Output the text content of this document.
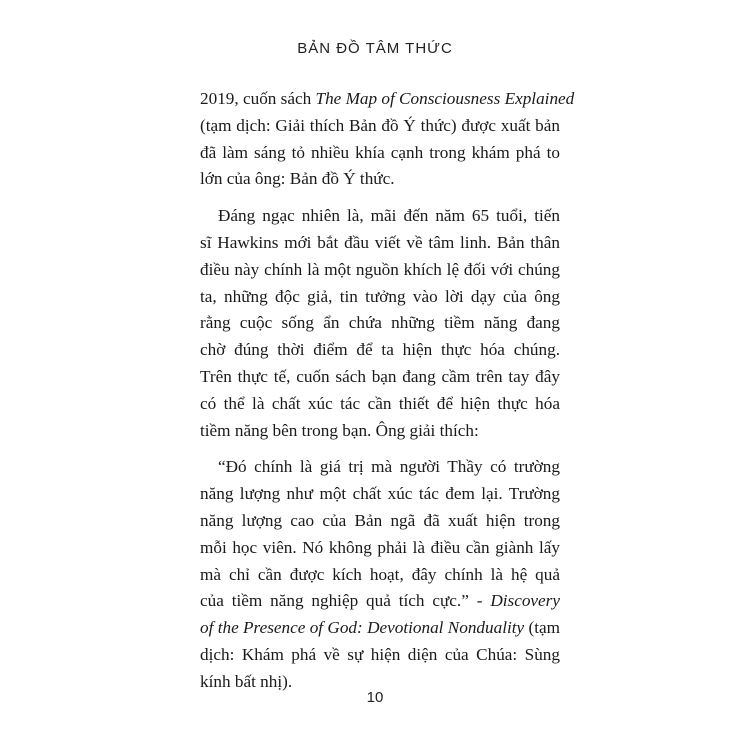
BẢN ĐỒ TÂM THỨC
2019, cuốn sách The Map of Consciousness Explained
(tạm dịch: Giải thích Bản đồ Ý thức) được xuất bản
đã làm sáng tỏ nhiều khía cạnh trong khám phá to
lớn của ông: Bản đồ Ý thức.
Đáng ngạc nhiên là, mãi đến năm 65 tuổi, tiến
sĩ Hawkins mới bắt đầu viết về tâm linh. Bản thân
điều này chính là một nguồn khích lệ đối với chúng
ta, những độc giả, tin tưởng vào lời dạy của ông
rằng cuộc sống ẩn chứa những tiềm năng đang
chờ đúng thời điểm để ta hiện thực hóa chúng.
Trên thực tế, cuốn sách bạn đang cầm trên tay đây
có thể là chất xúc tác cần thiết để hiện thực hóa
tiềm năng bên trong bạn. Ông giải thích:
“Đó chính là giá trị mà người Thầy có trường
năng lượng như một chất xúc tác đem lại. Trường
năng lượng cao của Bản ngã đã xuất hiện trong
mỗi học viên. Nó không phải là điều cần giành lấy
mà chỉ cần được kích hoạt, đây chính là hệ quả
của tiềm năng nghiệp quả tích cực.” - Discovery
of the Presence of God: Devotional Nonduality (tạm
dịch: Khám phá về sự hiện diện của Chúa: Sùng
kính bất nhị).
10
